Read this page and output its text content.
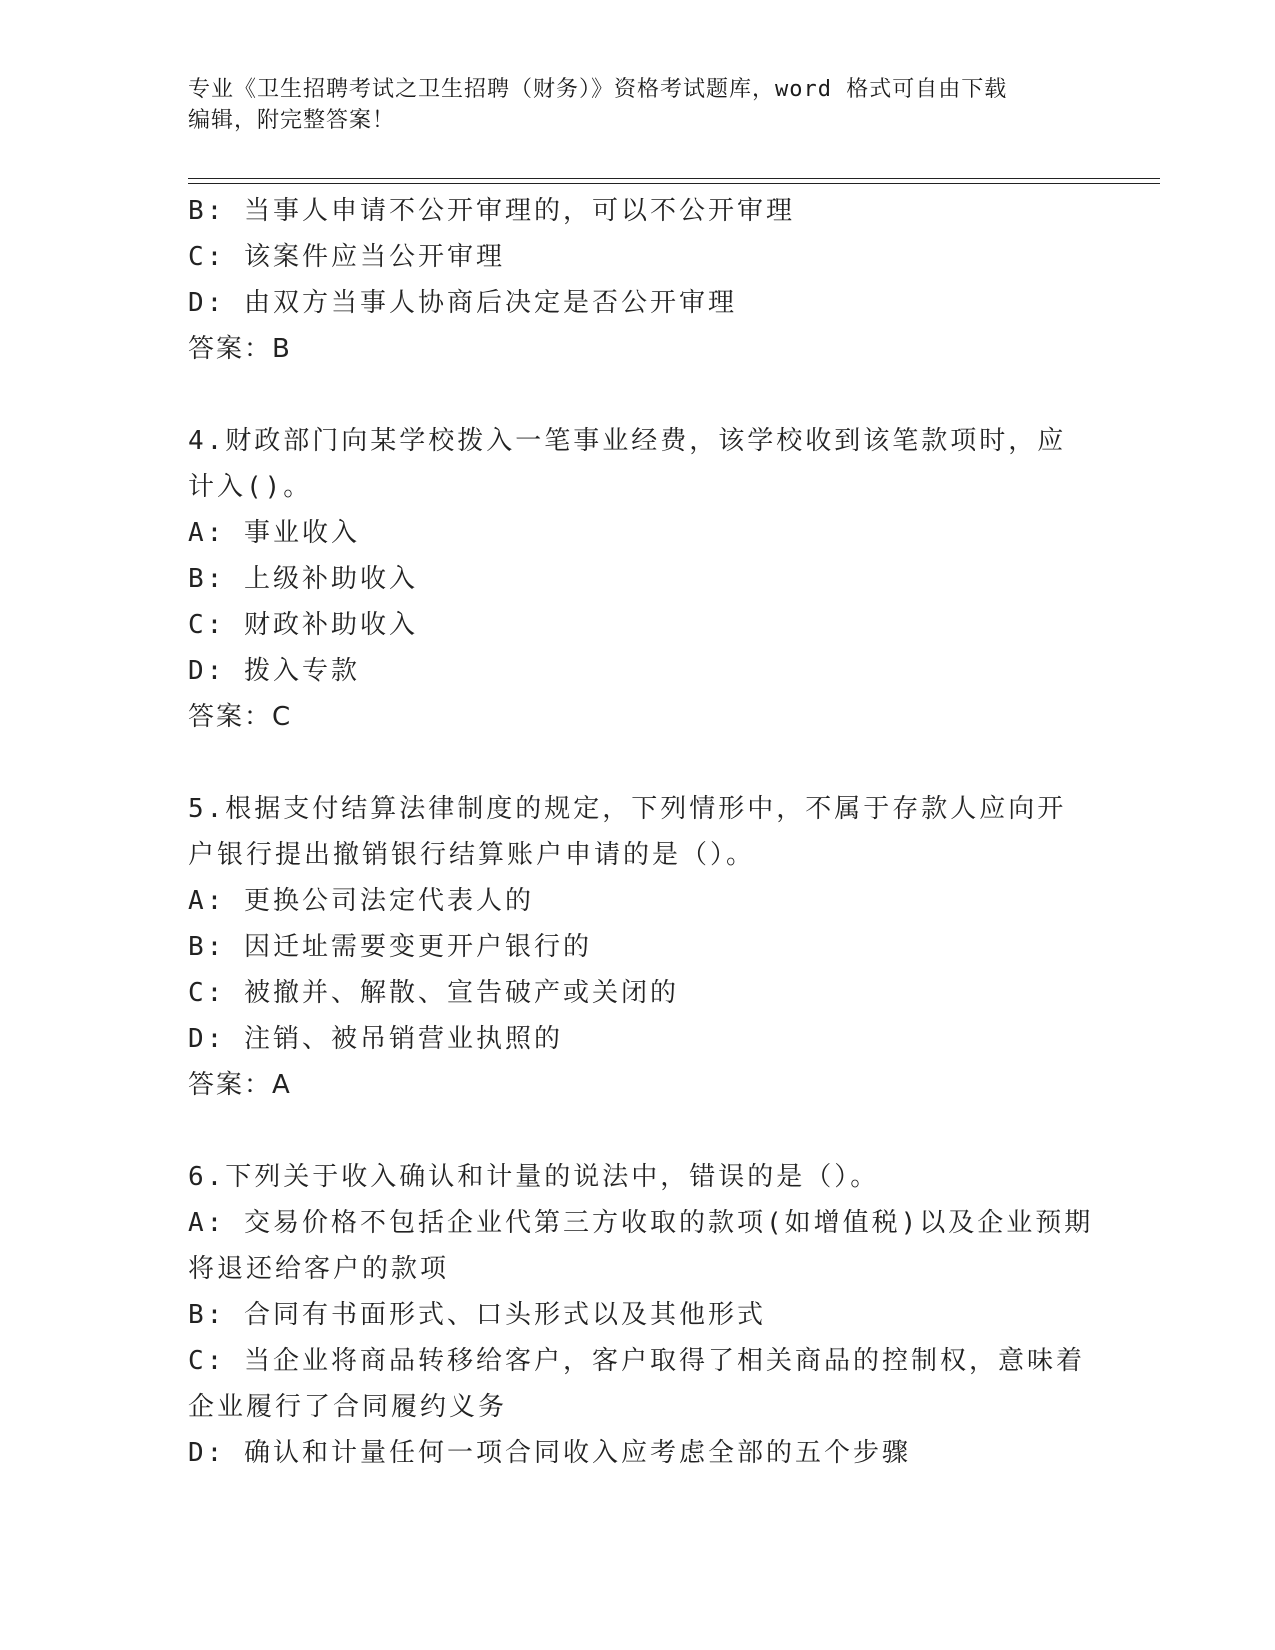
专业《卫生招聘考试之卫生招聘（财务）》资格考试题库，word 格式可自由下载
编辑，附完整答案！
B: 当事人申请不公开审理的，可以不公开审理
C: 该案件应当公开审理
D: 由双方当事人协商后决定是否公开审理
答案：B
4.财政部门向某学校拨入一笔事业经费，该学校收到该笔款项时，应
计入()。
A: 事业收入
B: 上级补助收入
C: 财政补助收入
D: 拨入专款
答案：C
5.根据支付结算法律制度的规定，下列情形中，不属于存款人应向开
户银行提出撤销银行结算账户申请的是（）。
A: 更换公司法定代表人的
B: 因迁址需要变更开户银行的
C: 被撤并、解散、宣告破产或关闭的
D: 注销、被吊销营业执照的
答案：A
6.下列关于收入确认和计量的说法中，错误的是（）。
A: 交易价格不包括企业代第三方收取的款项(如增值税)以及企业预期
将退还给客户的款项
B: 合同有书面形式、口头形式以及其他形式
C: 当企业将商品转移给客户，客户取得了相关商品的控制权，意味着
企业履行了合同履约义务
D: 确认和计量任何一项合同收入应考虑全部的五个步骤
